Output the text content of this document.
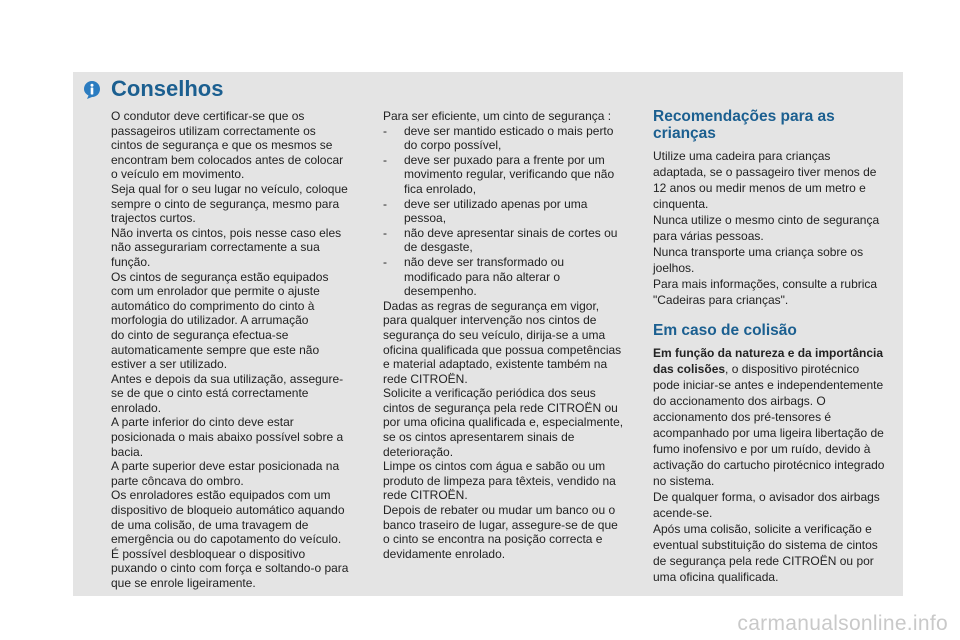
Conselhos

O condutor deve certificar-se que os

passageiros utilizam correctamente os

cintos de segurança e que os mesmos se

encontram bem colocados antes de colocar

o veículo em movimento.

Seja qual for o seu lugar no veículo, coloque

sempre o cinto de segurança, mesmo para

trajectos curtos.

Não inverta os cintos, pois nesse caso eles

não assegurariam correctamente a sua

função.

Os cintos de segurança estão equipados

com um enrolador que permite o ajuste

automático do comprimento do cinto à

morfologia do utilizador. A arrumação

do cinto de segurança efectua-se

automaticamente sempre que este não

estiver a ser utilizado.

Antes e depois da sua utilização, assegure-

se de que o cinto está correctamente

enrolado.

A parte inferior do cinto deve estar

posicionada o mais abaixo possível sobre a

bacia.

A parte superior deve estar posicionada na

parte côncava do ombro.

Os enroladores estão equipados com um

dispositivo de bloqueio automático aquando

de uma colisão, de uma travagem de

emergência ou do capotamento do veículo.

É possível desbloquear o dispositivo

puxando o cinto com força e soltando-o para

que se enrole ligeiramente.

Para ser eficiente, um cinto de segurança :

- deve ser mantido esticado o mais perto

do corpo possível,

- deve ser puxado para a frente por um

movimento regular, verificando que não

fica enrolado,

- deve ser utilizado apenas por uma

pessoa,

- não deve apresentar sinais de cortes ou

de desgaste,

- não deve ser transformado ou

modificado para não alterar o

desempenho.

Dadas as regras de segurança em vigor,

para qualquer intervenção nos cintos de

segurança do seu veículo, dirija-se a uma

oficina qualificada que possua competências

e material adaptado, existente também na

rede CITROËN.

Solicite a verificação periódica dos seus

cintos de segurança pela rede CITROËN ou

por uma oficina qualificada e, especialmente,

se os cintos apresentarem sinais de

deterioração.

Limpe os cintos com água e sabão ou um

produto de limpeza para têxteis, vendido na

rede CITROËN.

Depois de rebater ou mudar um banco ou o

banco traseiro de lugar, assegure-se de que

o cinto se encontra na posição correcta e

devidamente enrolado.

Recomendações para as
crianças

Utilize uma cadeira para crianças

adaptada, se o passageiro tiver menos de

12 anos ou medir menos de um metro e

cinquenta.

Nunca utilize o mesmo cinto de segurança

para várias pessoas.

Nunca transporte uma criança sobre os

joelhos.

Para mais informações, consulte a rubrica

"Cadeiras para crianças".

Em caso de colisão

Em função da natureza e da importância

das colisões, o dispositivo pirotécnico

pode iniciar-se antes e independentemente

do accionamento dos airbags. O

accionamento dos pré-tensores é

acompanhado por uma ligeira libertação de

fumo inofensivo e por um ruído, devido à

activação do cartucho pirotécnico integrado

no sistema.

De qualquer forma, o avisador dos airbags

acende-se.

Após uma colisão, solicite a verificação e

eventual substituição do sistema de cintos

de segurança pela rede CITROËN ou por

uma oficina qualificada.

carmanualsonline.info
